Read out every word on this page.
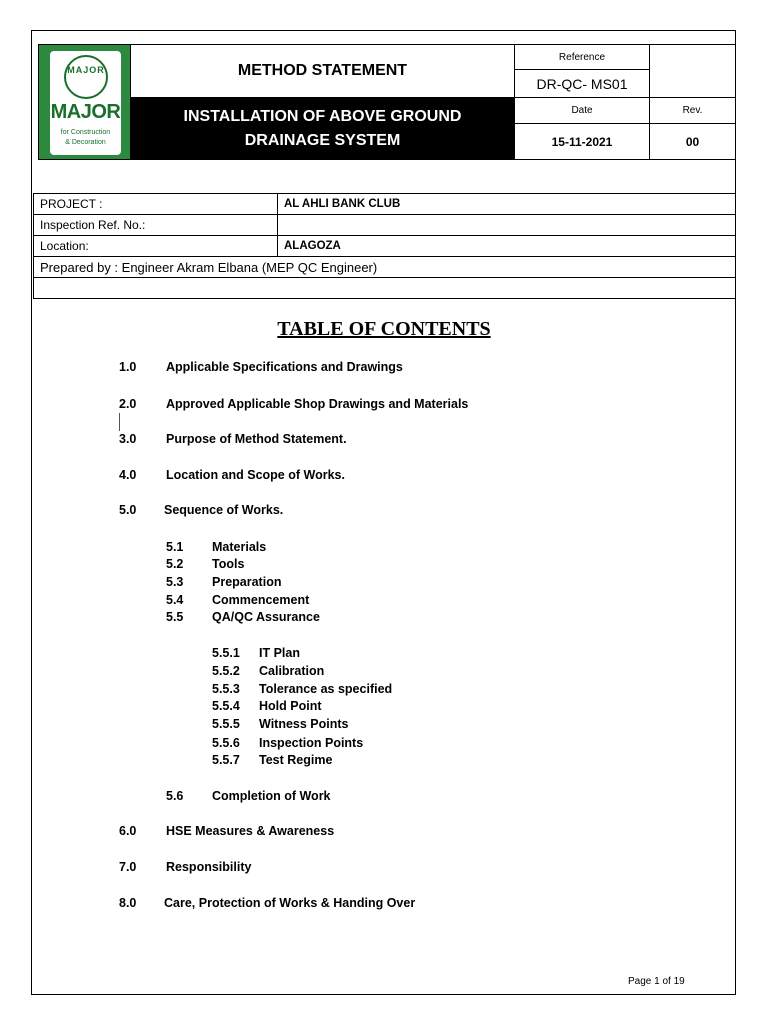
MAJOR
MAJOR
for Construction
& Decoration
METHOD STATEMENT
INSTALLATION OF ABOVE GROUND
DRAINAGE SYSTEM
Reference
DR-QC- MS01
Date	Rev.
15-11-2021	00
PROJECT :	AL AHLI BANK CLUB
Inspection Ref. No.:	
Location:	ALAGOZA
Prepared by : Engineer Akram Elbana (MEP QC Engineer)	

TABLE OF CONTENTS
1.0 Applicable Specifications and Drawings
2.0 Approved Applicable Shop Drawings and Materials
3.0 Purpose of Method Statement.
4.0 Location and Scope of Works.
5.0 Sequence of Works.
5.1 Materials
5.2 Tools
5.3 Preparation
5.4 Commencement
5.5 QA/QC Assurance
5.5.1 IT Plan
5.5.2 Calibration
5.5.3 Tolerance as specified
5.5.4 Hold Point
5.5.5 Witness Points
5.5.6 Inspection Points
5.5.7 Test Regime
5.6 Completion of Work
6.0 HSE Measures & Awareness
7.0 Responsibility
8.0 Care, Protection of Works & Handing Over
Page 1 of 19
